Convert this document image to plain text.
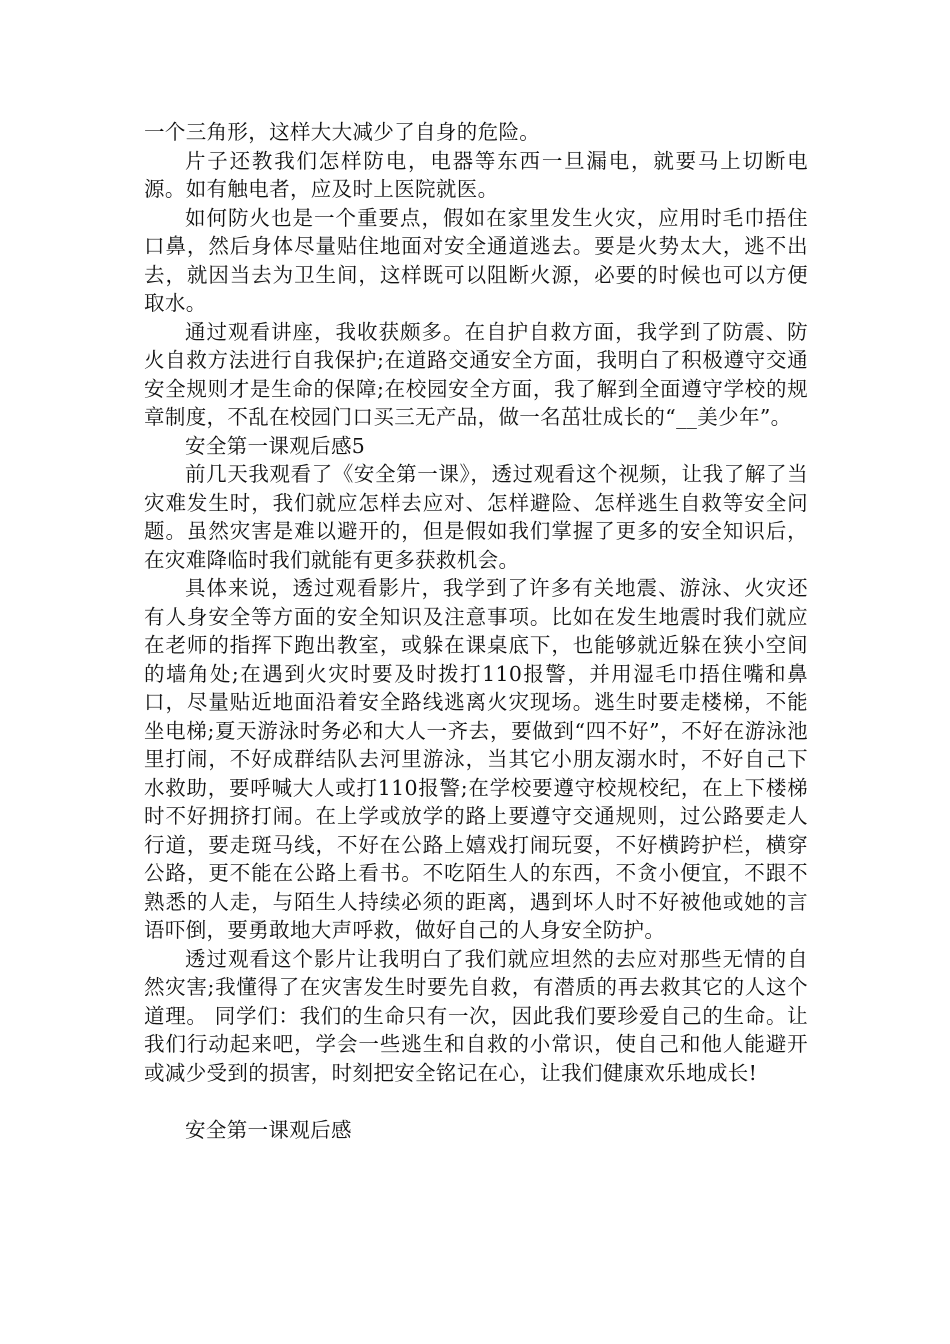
一个三角形，这样大大减少了自身的危险。

片子还教我们怎样防电，电器等东西一旦漏电，就要马上切断电源。如有触电者，应及时上医院就医。

如何防火也是一个重要点，假如在家里发生火灾，应用时毛巾捂住口鼻，然后身体尽量贴住地面对安全通道逃去。要是火势太大，逃不出去，就因当去为卫生间，这样既可以阻断火源，必要的时候也可以方便取水。

通过观看讲座，我收获颇多。在自护自救方面，我学到了防震、防火自救方法进行自我保护;在道路交通安全方面，我明白了积极遵守交通安全规则才是生命的保障;在校园安全方面，我了解到全面遵守学校的规章制度，不乱在校园门口买三无产品，做一名茁壮成长的“__美少年”。

安全第一课观后感5

前几天我观看了《安全第一课》，透过观看这个视频，让我了解了当灾难发生时，我们就应怎样去应对、怎样避险、怎样逃生自救等安全问题。虽然灾害是难以避开的，但是假如我们掌握了更多的安全知识后，在灾难降临时我们就能有更多获救机会。

具体来说，透过观看影片，我学到了许多有关地震、游泳、火灾还有人身安全等方面的安全知识及注意事项。比如在发生地震时我们就应在老师的指挥下跑出教室，或躲在课桌底下，也能够就近躲在狭小空间的墙角处;在遇到火灾时要及时拨打110报警，并用湿毛巾捂住嘴和鼻口，尽量贴近地面沿着安全路线逃离火灾现场。逃生时要走楼梯，不能坐电梯;夏天游泳时务必和大人一齐去，要做到“四不好”，不好在游泳池里打闹，不好成群结队去河里游泳，当其它小朋友溺水时，不好自己下水救助，要呼喊大人或打110报警;在学校要遵守校规校纪，在上下楼梯时不好拥挤打闹。在上学或放学的路上要遵守交通规则，过公路要走人行道，要走斑马线，不好在公路上嬉戏打闹玩耍，不好横跨护栏，横穿公路，更不能在公路上看书。不吃陌生人的东西，不贪小便宜，不跟不熟悉的人走，与陌生人持续必须的距离，遇到坏人时不好被他或她的言语吓倒，要勇敢地大声呼救，做好自己的人身安全防护。

透过观看这个影片让我明白了我们就应坦然的去应对那些无情的自然灾害;我懂得了在灾害发生时要先自救，有潜质的再去救其它的人这个道理。 同学们：我们的生命只有一次，因此我们要珍爱自己的生命。让我们行动起来吧，学会一些逃生和自救的小常识，使自己和他人能避开或减少受到的损害，时刻把安全铭记在心，让我们健康欢乐地成长!

安全第一课观后感
